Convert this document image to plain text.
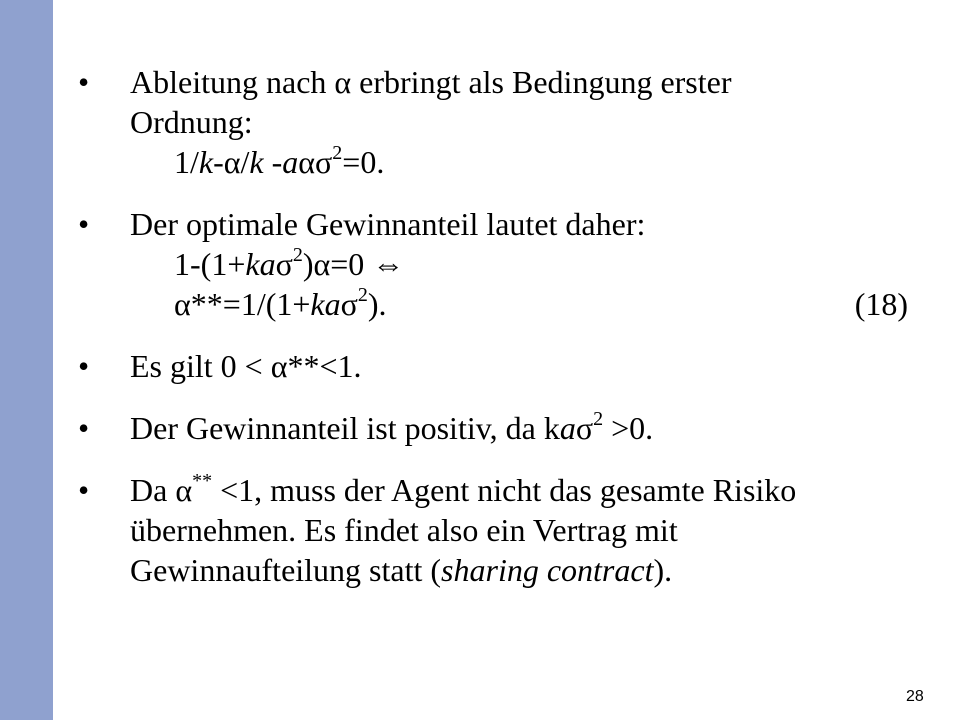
• Ableitung nach α erbringt als Bedingung erster
Ordnung:
1/k-α/k -aασ$^2$=0.
• Der optimale Gewinnanteil lautet daher:
1-(1+kaσ$^2$)α=0 ⇔
α**=1/(1+kaσ$^2$).	(18)
• Es gilt 0 < α**<1.
• Der Gewinnanteil ist positiv, da kaσ$^2$ >0.
• Da α** <1, muss der Agent nicht das gesamte Risiko
übernehmen. Es findet also ein Vertrag mit
Gewinnaufteilung statt (sharing contract).
28
